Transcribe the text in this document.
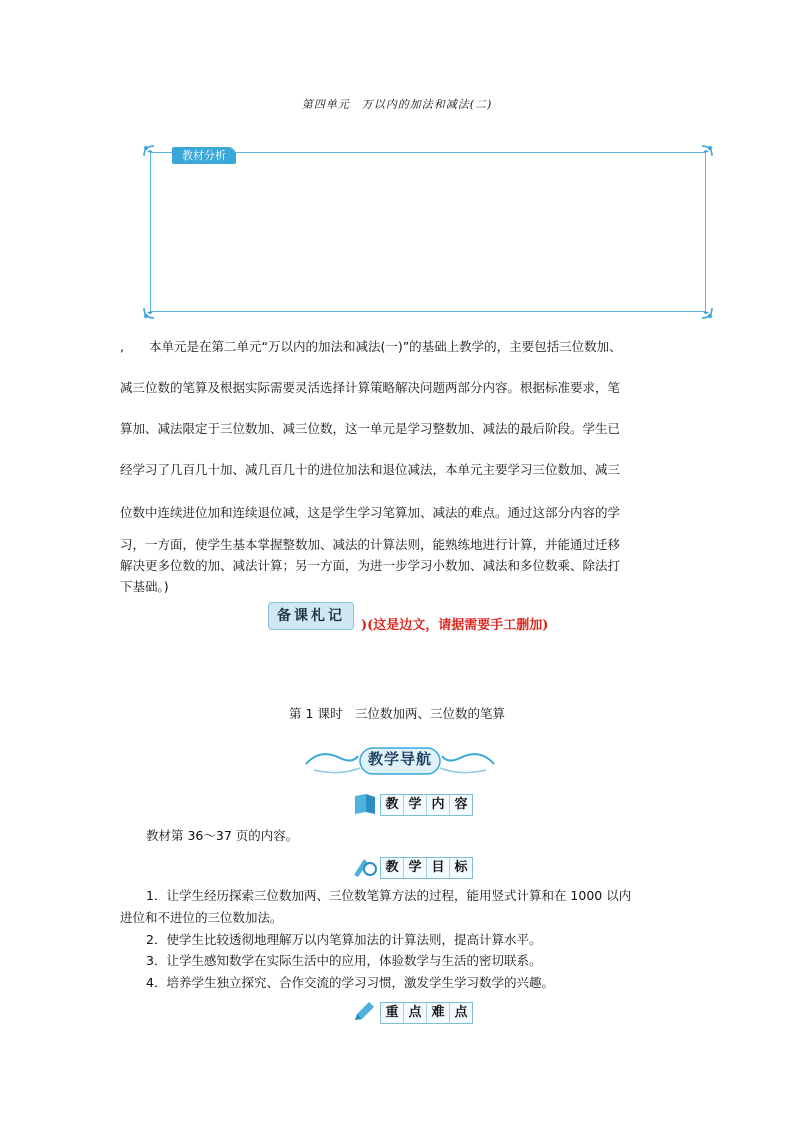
第四单元　万以内的加法和减法(二)
教材分析
,　　本单元是在第二单元“万以内的加法和减法(一)”的基础上教学的，主要包括三位数加、
减三位数的笔算及根据实际需要灵活选择计算策略解决问题两部分内容。根据标准要求，笔
算加、减法限定于三位数加、减三位数，这一单元是学习整数加、减法的最后阶段。学生已
经学习了几百几十加、减几百几十的进位加法和退位减法，本单元主要学习三位数加、减三
位数中连续进位加和连续退位减，这是学生学习笔算加、减法的难点。通过这部分内容的学
习，一方面，使学生基本掌握整数加、减法的计算法则，能熟练地进行计算，并能通过迁移
解决更多位数的加、减法计算；另一方面，为进一步学习小数加、减法和多位数乘、除法打
下基础。)
备课札记
)(这是边文，请据需要手工删加)
第 1 课时　三位数加两、三位数的笔算
教学导航
教 学 内 容
教材第 36～37 页的内容。
教 学 目 标
1．让学生经历探索三位数加两、三位数笔算方法的过程，能用竖式计算和在 1000 以内
进位和不进位的三位数加法。
2．使学生比较透彻地理解万以内笔算加法的计算法则，提高计算水平。
3．让学生感知数学在实际生活中的应用，体验数学与生活的密切联系。
4．培养学生独立探究、合作交流的学习习惯，激发学生学习数学的兴趣。
重 点 难 点
